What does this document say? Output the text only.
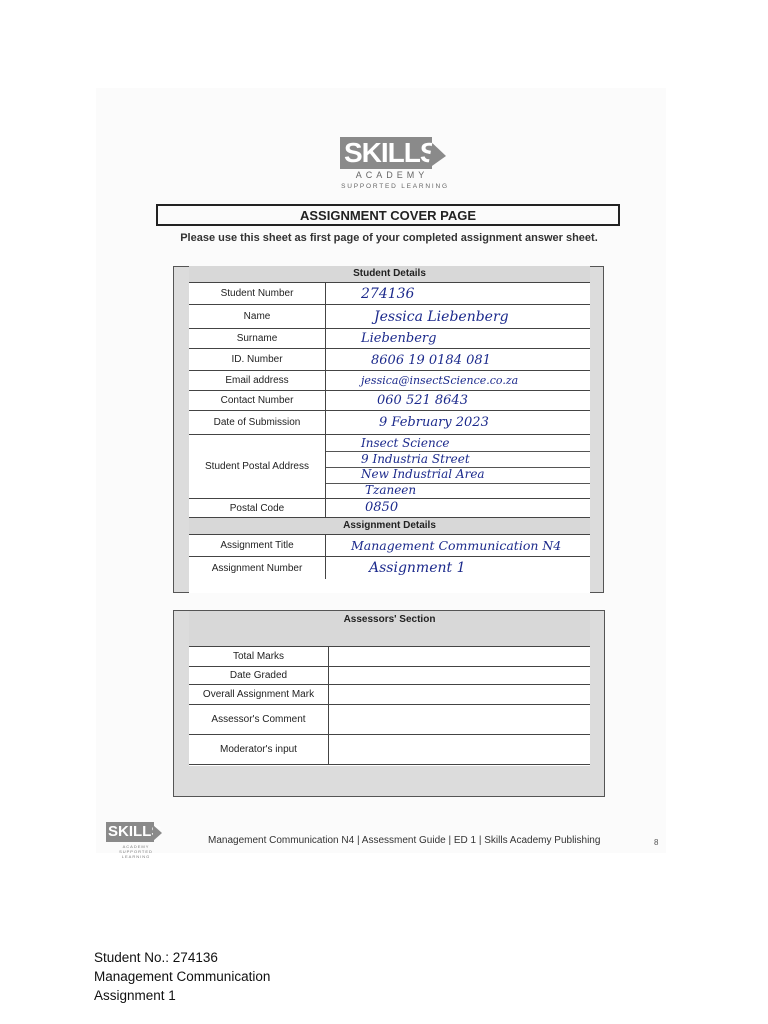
SKILLS
ACADEMY
SUPPORTED LEARNING
ASSIGNMENT COVER PAGE
Please use this sheet as first page of your completed assignment answer sheet.
Student Details
Student Number	274136
Name	Jessica Liebenberg
Surname	Liebenberg
ID. Number	8606 19 0184 081
Email address	jessica@insectScience.co.za
Contact Number	060 521 8643
Date of Submission	9 February 2023
Student Postal Address
Insect Science
9 Industria Street
New Industrial Area
Tzaneen
Postal Code	0850
Assignment Details
Assignment Title	Management Communication N4
Assignment Number	Assignment 1
Assessors' Section
Total Marks
Date Graded
Overall Assignment Mark
Assessor's Comment
Moderator's input
SKILLS
ACADEMY SUPPORTED LEARNING
Management Communication N4 | Assessment Guide | ED 1 | Skills Academy Publishing	8
Student No.: 274136
Management Communication
Assignment 1
